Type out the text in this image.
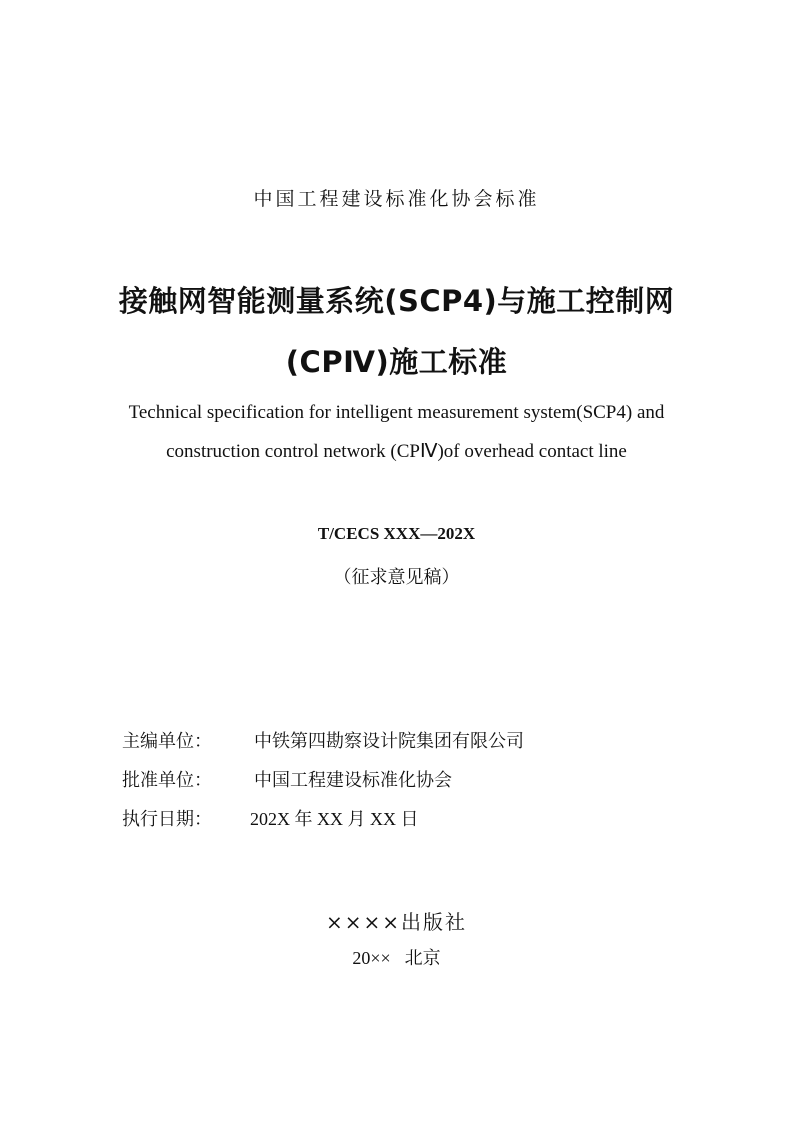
中国工程建设标准化协会标准
接触网智能测量系统(SCP4)与施工控制网
(CPⅣ)施工标准
Technical specification for intelligent measurement system(SCP4) and
construction control network (CPⅣ)of overhead contact line
T/CECS XXX—202X
（征求意见稿）
主编单位： 中铁第四勘察设计院集团有限公司
批准单位： 中国工程建设标准化协会
执行日期： 202X 年 XX 月 XX 日
××××出版社
20×× 北京
